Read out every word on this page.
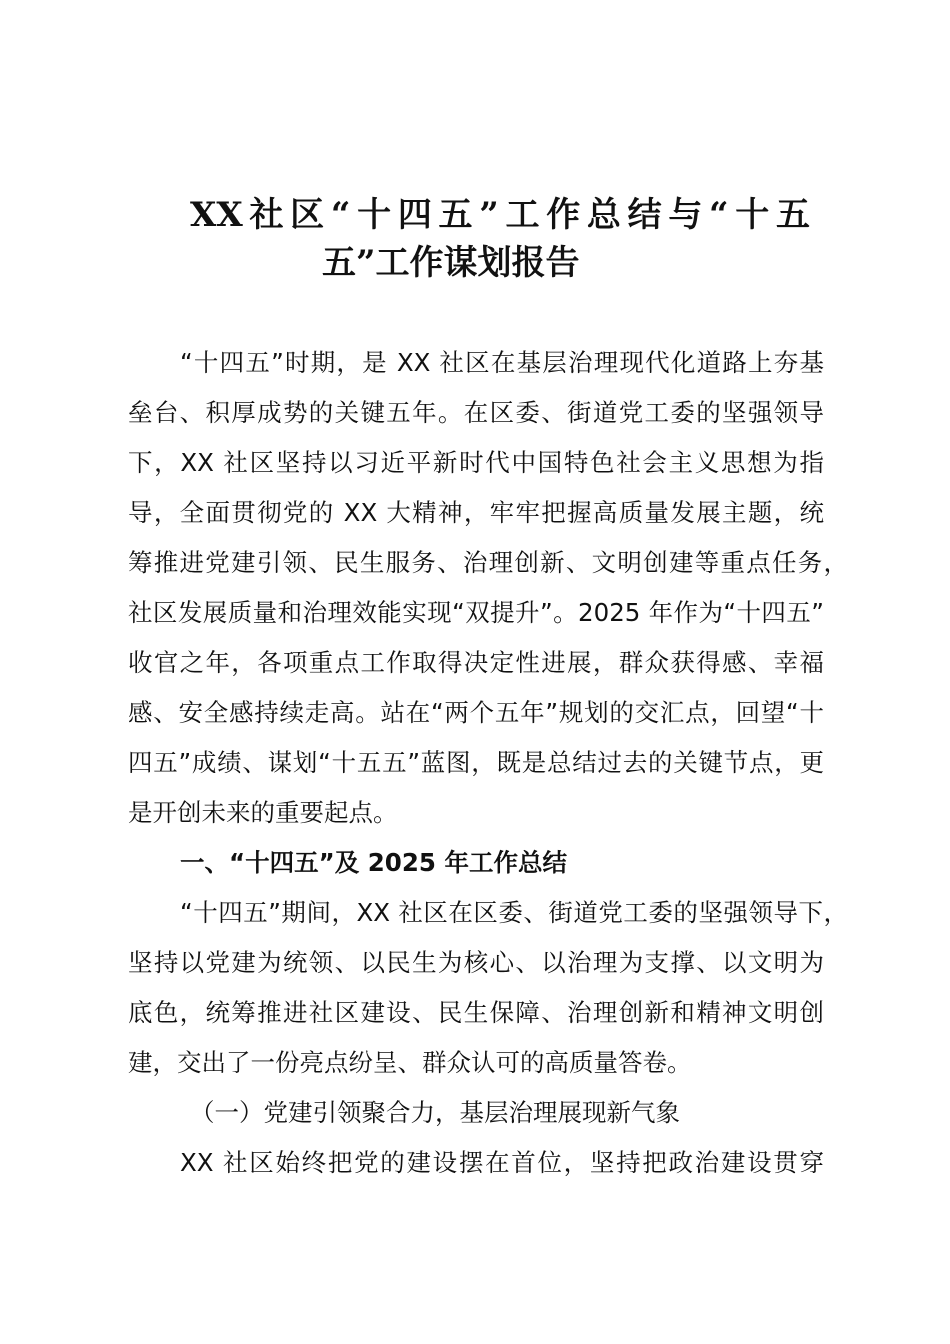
XX社区“十四五”工作总结与“十五
五”工作谋划报告
“十四五”时期，是 XX 社区在基层治理现代化道路上夯基
垒台、积厚成势的关键五年。在区委、街道党工委的坚强领导
下，XX 社区坚持以习近平新时代中国特色社会主义思想为指
导，全面贯彻党的 XX 大精神，牢牢把握高质量发展主题，统
筹推进党建引领、民生服务、治理创新、文明创建等重点任务，
社区发展质量和治理效能实现“双提升”。2025 年作为“十四五”
收官之年，各项重点工作取得决定性进展，群众获得感、幸福
感、安全感持续走高。站在“两个五年”规划的交汇点，回望“十
四五”成绩、谋划“十五五”蓝图，既是总结过去的关键节点，更
是开创未来的重要起点。
一、“十四五”及 2025 年工作总结
“十四五”期间，XX 社区在区委、街道党工委的坚强领导下，
坚持以党建为统领、以民生为核心、以治理为支撑、以文明为
底色，统筹推进社区建设、民生保障、治理创新和精神文明创
建，交出了一份亮点纷呈、群众认可的高质量答卷。
（一）党建引领聚合力，基层治理展现新气象
XX 社区始终把党的建设摆在首位，坚持把政治建设贯穿
